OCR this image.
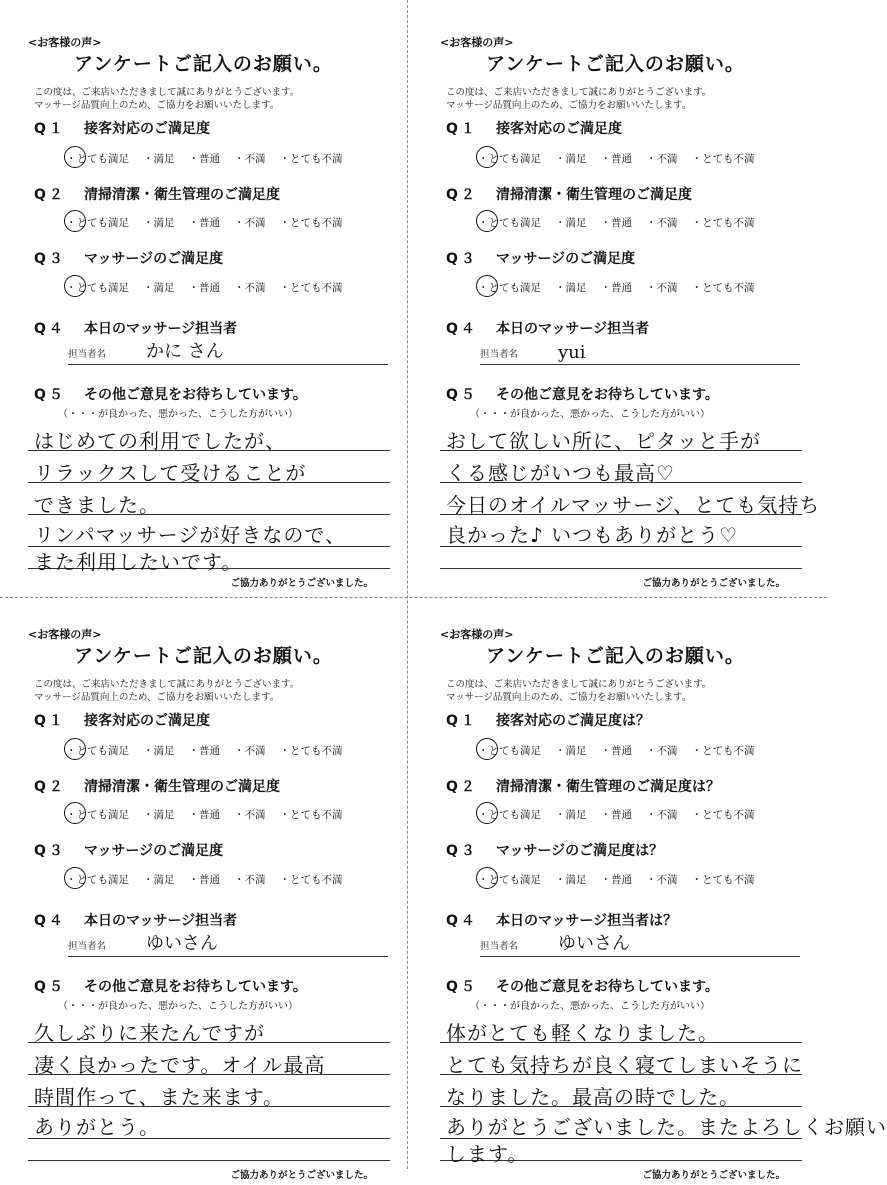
<お客様の声>
アンケートご記入のお願い。
この度は、ご来店いただきまして誠にありがとうございます。
マッサージ品質向上のため、ご協力をお願いいたします。
Q１ 接客対応のご満足度
・とても満足 ・満足 ・普通 ・不満 ・とても不満
Q２ 清掃清潔・衛生管理のご満足度
・とても満足 ・満足 ・普通 ・不満 ・とても不満
Q３ マッサージのご満足度
・とても満足 ・満足 ・普通 ・不満 ・とても不満
Q４ 本日のマッサージ担当者
担当者名 かに さん
Q５ その他ご意見をお待ちしています。
（・・・が良かった、悪かった、こうした方がいい）
はじめての利用でしたが、
リラックスして受けることが
できました。
リンパマッサージが好きなので、
また利用したいです。
ご協力ありがとうございました。
<お客様の声>
アンケートご記入のお願い。
この度は、ご来店いただきまして誠にありがとうございます。
マッサージ品質向上のため、ご協力をお願いいたします。
Q１ 接客対応のご満足度
・とても満足 ・満足 ・普通 ・不満 ・とても不満
Q２ 清掃清潔・衛生管理のご満足度
・とても満足 ・満足 ・普通 ・不満 ・とても不満
Q３ マッサージのご満足度
・とても満足 ・満足 ・普通 ・不満 ・とても不満
Q４ 本日のマッサージ担当者
担当者名 yui
Q５ その他ご意見をお待ちしています。
（・・・が良かった、悪かった、こうした方がいい）
おして欲しい所に、ピタッと手が
くる感じがいつも最高♡
今日のオイルマッサージ、とても気持ち
良かった♪ いつもありがとう♡
ご協力ありがとうございました。
<お客様の声>
アンケートご記入のお願い。
この度は、ご来店いただきまして誠にありがとうございます。
マッサージ品質向上のため、ご協力をお願いいたします。
Q１ 接客対応のご満足度
・とても満足 ・満足 ・普通 ・不満 ・とても不満
Q２ 清掃清潔・衛生管理のご満足度
・とても満足 ・満足 ・普通 ・不満 ・とても不満
Q３ マッサージのご満足度
・とても満足 ・満足 ・普通 ・不満 ・とても不満
Q４ 本日のマッサージ担当者
担当者名 ゆいさん
Q５ その他ご意見をお待ちしています。
（・・・が良かった、悪かった、こうした方がいい）
久しぶりに来たんですが
凄く良かったです。オイル最高
時間作って、また来ます。
ありがとう。
ご協力ありがとうございました。
<お客様の声>
アンケートご記入のお願い。
この度は、ご来店いただきまして誠にありがとうございます。
マッサージ品質向上のため、ご協力をお願いいたします。
Q１ 接客対応のご満足度は？
・とても満足 ・満足 ・普通 ・不満 ・とても不満
Q２ 清掃清潔・衛生管理のご満足度は？
・とても満足 ・満足 ・普通 ・不満 ・とても不満
Q３ マッサージのご満足度は？
・とても満足 ・満足 ・普通 ・不満 ・とても不満
Q４ 本日のマッサージ担当者は？
担当者名 ゆいさん
Q５ その他ご意見をお待ちしています。
（・・・が良かった、悪かった、こうした方がいい）
体がとても軽くなりました。
とても気持ちが良く寝てしまいそうに
なりました。最高の時でした。
ありがとうございました。またよろしくお願い
します。
ご協力ありがとうございました。
